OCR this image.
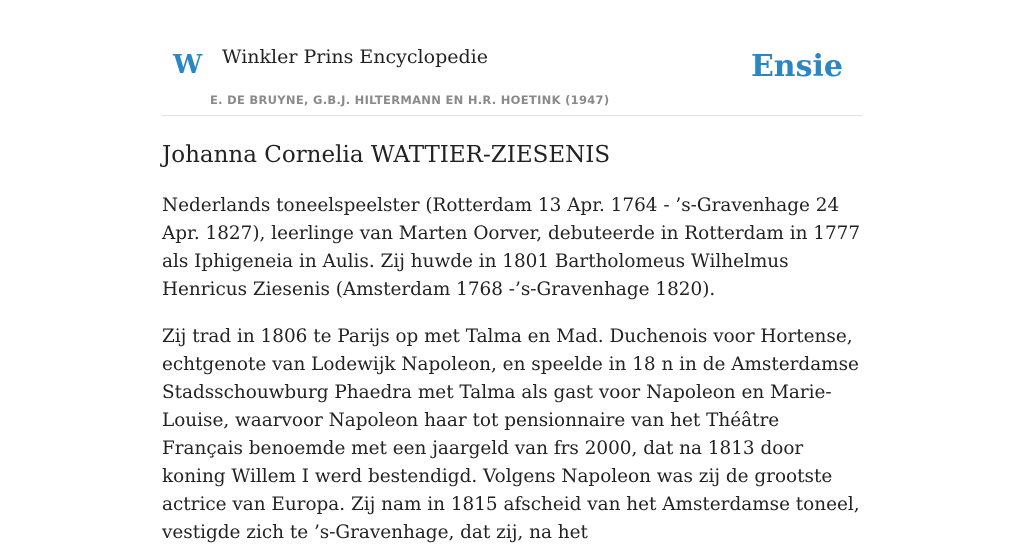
W Winkler Prins Encyclopedie
E. DE BRUYNE, G.B.J. HILTERMANN EN H.R. HOETINK (1947)
Ensie
Johanna Cornelia WATTIER-ZIESENIS

Nederlands toneelspeelster (Rotterdam 13 Apr. 1764 - ’s-Gravenhage 24 Apr. 1827), leerlinge van Marten Oorver, debuteerde in Rotterdam in 1777 als Iphigeneia in Aulis. Zij huwde in 1801 Bartholomeus Wilhelmus Henricus Ziesenis (Amsterdam 1768 -’s-Gravenhage 1820).

Zij trad in 1806 te Parijs op met Talma en Mad. Duchenois voor Hortense, echtgenote van Lodewijk Napoleon, en speelde in 18 n in de Amsterdamse Stadsschouwburg Phaedra met Talma als gast voor Napoleon en Marie-Louise, waarvoor Napoleon haar tot pensionnaire van het Théâtre Français benoemde met een jaargeld van frs 2000, dat na 1813 door koning Willem I werd bestendigd. Volgens Napoleon was zij de grootste actrice van Europa. Zij nam in 1815 afscheid van het Amsterdamse toneel, vestigde zich te ’s-Gravenhage, dat zij, na het
